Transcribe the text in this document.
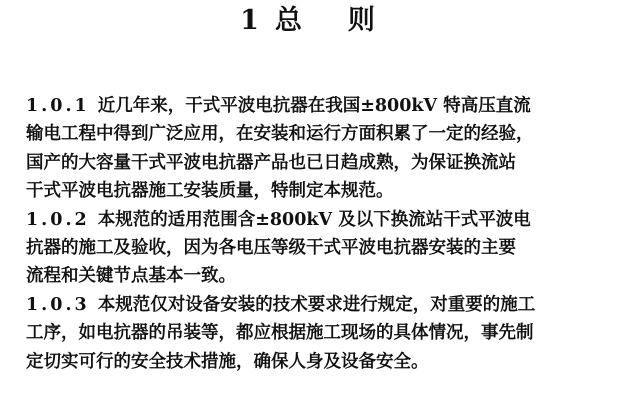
1 总 则
1.0.1 近几年来，干式平波电抗器在我国±800kV 特高压直流
输电工程中得到广泛应用，在安装和运行方面积累了一定的经验，
国产的大容量干式平波电抗器产品也已日趋成熟，为保证换流站
干式平波电抗器施工安装质量，特制定本规范。
1.0.2 本规范的适用范围含±800kV 及以下换流站干式平波电
抗器的施工及验收，因为各电压等级干式平波电抗器安装的主要
流程和关键节点基本一致。
1.0.3 本规范仅对设备安装的技术要求进行规定，对重要的施工
工序，如电抗器的吊装等，都应根据施工现场的具体情况，事先制
定切实可行的安全技术措施，确保人身及设备安全。
